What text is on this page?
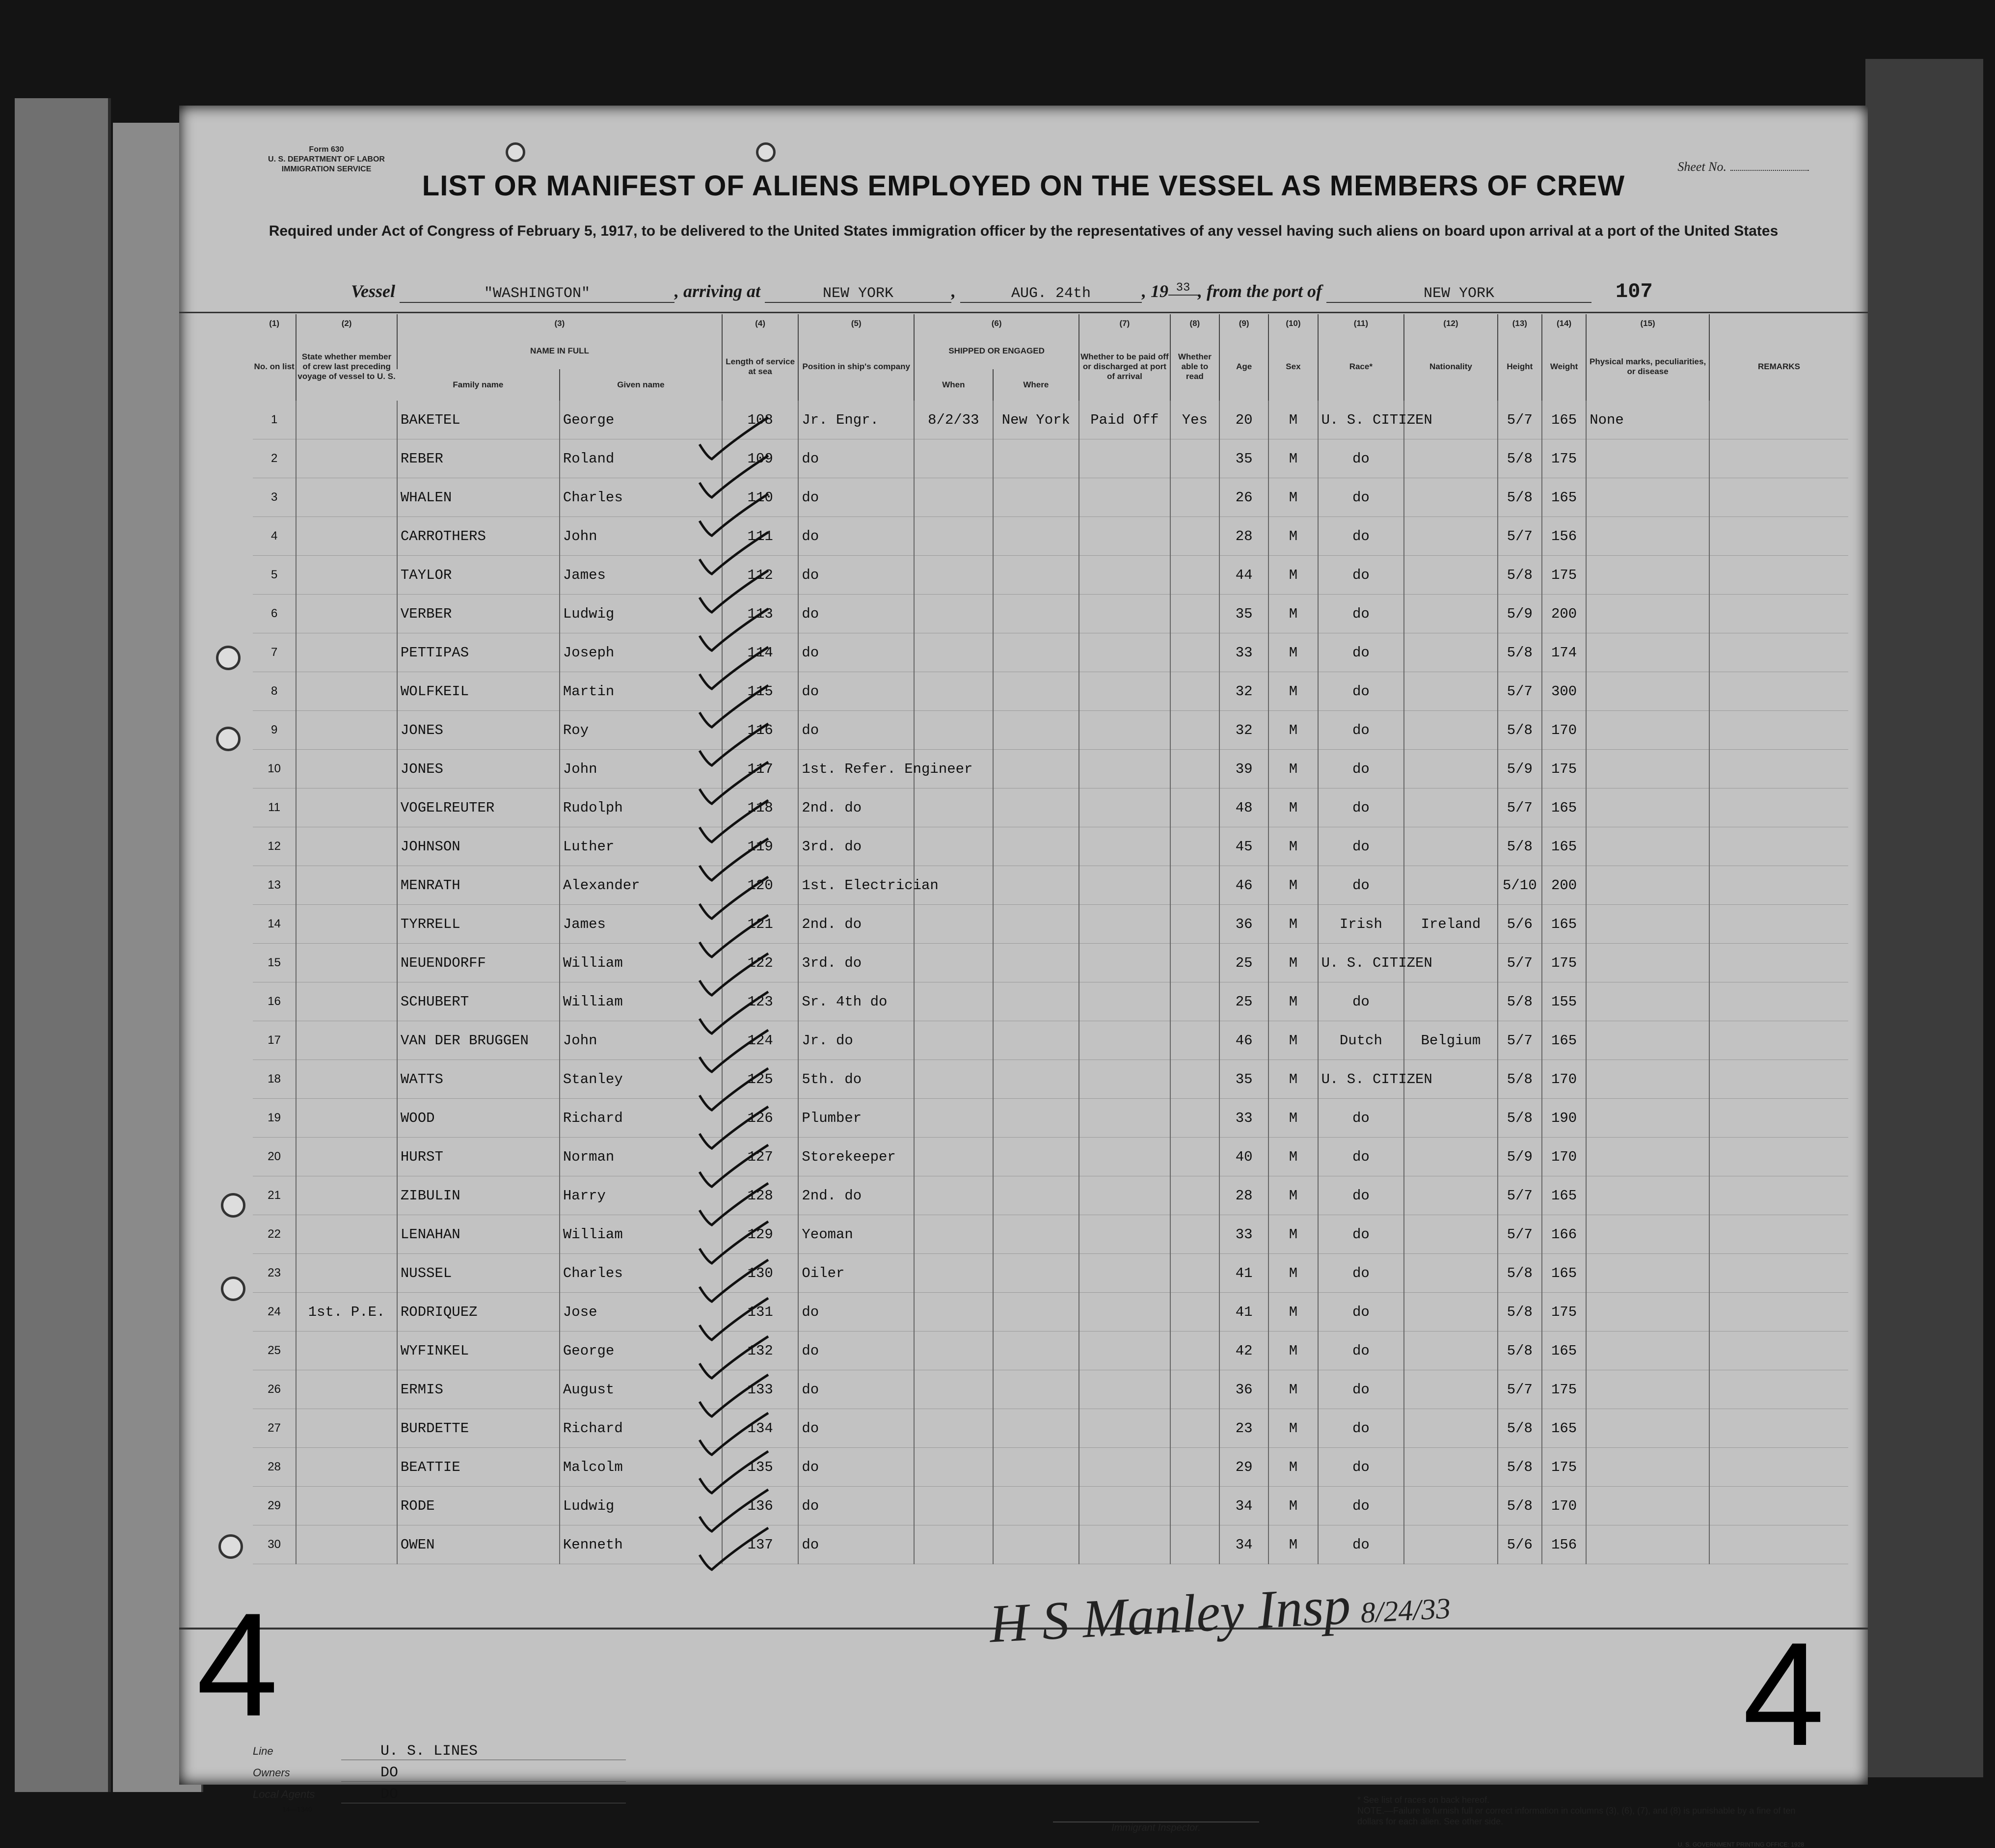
Form 630
U. S. DEPARTMENT OF LABOR
IMMIGRATION SERVICE	Sheet No.
LIST OR MANIFEST OF ALIENS EMPLOYED ON THE VESSEL AS MEMBERS OF CREW
Required under Act of Congress of February 5, 1917, to be delivered to the United States immigration officer by the representatives of any vessel having such aliens on board upon arrival at a port of the United States
Vessel	"WASHINGTON"	, arriving at	NEW YORK	,	AUG. 24th	, 19 33 , from the port of	NEW YORK	107
(1)	(2)	(3)		(4)	(5)	(6)		(7)	(8)	(9)	(10)	(11)	(12)	(13)	(14)	(15)	
No. on list	State whether member of crew last preceding voyage of vessel to U. S.	NAME IN FULL		Length of service at sea	Position in ship's company	SHIPPED OR ENGAGED		Whether to be paid off or discharged at port of arrival	Whether able to read	Age	Sex	Race*	Nationality	Height	Weight	Physical marks, peculiarities, or disease	REMARKS
		Family name	Given name			When	Where										
1		BAKETEL	George	108	Jr. Engr.	8/2/33	New York	Paid Off	Yes	20	M	U. S. CITIZEN		5/7	165	None	
2		REBER	Roland	109	do					35	M	do		5/8	175		
3		WHALEN	Charles	110	do					26	M	do		5/8	165		
4		CARROTHERS	John	111	do					28	M	do		5/7	156		
5		TAYLOR	James	112	do					44	M	do		5/8	175		
6		VERBER	Ludwig	113	do					35	M	do		5/9	200		
7		PETTIPAS	Joseph	114	do					33	M	do		5/8	174		
8		WOLFKEIL	Martin	115	do					32	M	do		5/7	300		
9		JONES	Roy	116	do					32	M	do		5/8	170		
10		JONES	John	117	1st. Refer. Engineer					39	M	do		5/9	175		
11		VOGELREUTER	Rudolph	118	2nd. do					48	M	do		5/7	165		
12		JOHNSON	Luther	119	3rd. do					45	M	do		5/8	165		
13		MENRATH	Alexander	120	1st. Electrician					46	M	do		5/10	200		
14		TYRRELL	James	121	2nd. do					36	M	Irish	Ireland	5/6	165		
15		NEUENDORFF	William	122	3rd. do					25	M	U. S. CITIZEN		5/7	175		
16		SCHUBERT	William	123	Sr. 4th do					25	M	do		5/8	155		
17		VAN DER BRUGGEN	John	124	Jr. do					46	M	Dutch	Belgium	5/7	165		
18		WATTS	Stanley	125	5th. do					35	M	U. S. CITIZEN		5/8	170		
19		WOOD	Richard	126	Plumber					33	M	do		5/8	190		
20		HURST	Norman	127	Storekeeper					40	M	do		5/9	170		
21		ZIBULIN	Harry	128	2nd. do					28	M	do		5/7	165		
22		LENAHAN	William	129	Yeoman					33	M	do		5/7	166		
23		NUSSEL	Charles	130	Oiler					41	M	do		5/8	165		
24	1st. P.E.	RODRIQUEZ	Jose	131	do					41	M	do		5/8	175		
25		WYFINKEL	George	132	do					42	M	do		5/8	165		
26		ERMIS	August	133	do					36	M	do		5/7	175		
27		BURDETTE	Richard	134	do					23	M	do		5/8	165		
28		BEATTIE	Malcolm	135	do					29	M	do		5/8	175		
29		RODE	Ludwig	136	do					34	M	do		5/8	170		
30		OWEN	Kenneth	137	do					34	M	do		5/6	156		
H S Manley Insp 8/24/33
Line	U. S. LINES
Owners	DO
Local Agents	DO
14—1340
Immigrant Inspector.
* See list of races on back hereof.
NOTE.—Failure to furnish full or correct information in columns (3), (6), (7), and (8) is punishable by a fine of ten dollars for each alien. See other side.
U. S. GOVERNMENT PRINTING OFFICE: 1928
4	4
